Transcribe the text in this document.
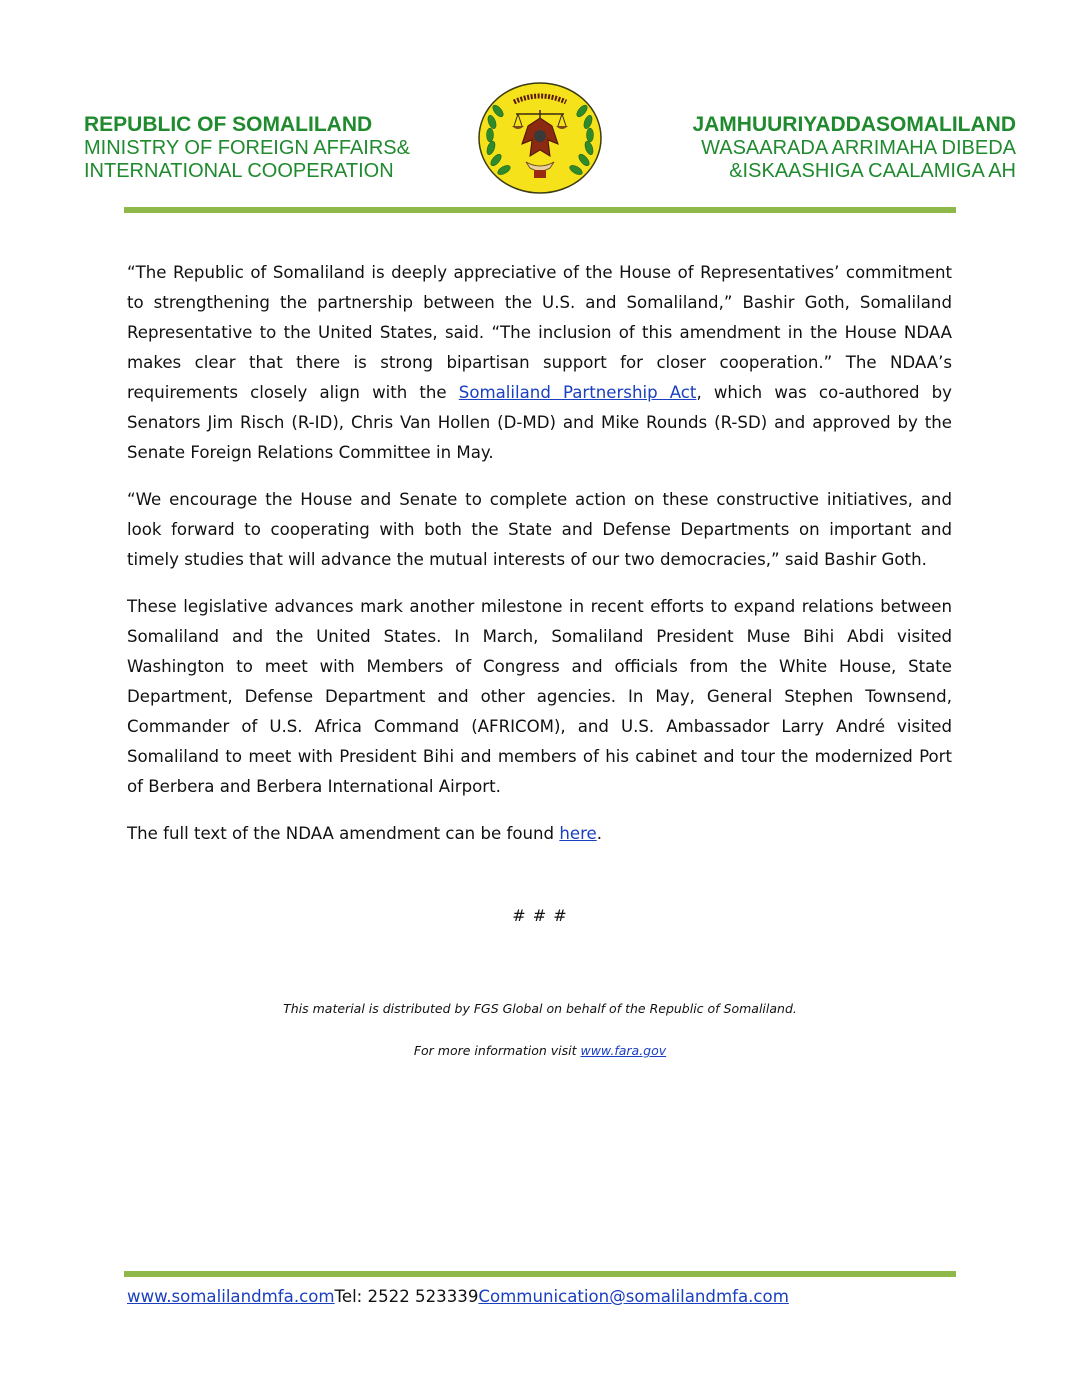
REPUBLIC OF SOMALILAND
MINISTRY OF FOREIGN AFFAIRS&
INTERNATIONAL COOPERATION
JAMHUURIYADDASOMALILAND
WASAARADA ARRIMAHA DIBEDA
&ISKAASHIGA CAALAMIGA AH

“The Republic of Somaliland is deeply appreciative of the House of Representatives’ commitment to strengthening the partnership between the U.S. and Somaliland,” Bashir Goth, Somaliland Representative to the United States, said. “The inclusion of this amendment in the House NDAA makes clear that there is strong bipartisan support for closer cooperation.” The NDAA’s requirements closely align with the Somaliland Partnership Act, which was co-authored by Senators Jim Risch (R-ID), Chris Van Hollen (D-MD) and Mike Rounds (R-SD) and approved by the Senate Foreign Relations Committee in May.

“We encourage the House and Senate to complete action on these constructive initiatives, and look forward to cooperating with both the State and Defense Departments on important and timely studies that will advance the mutual interests of our two democracies,” said Bashir Goth.

These legislative advances mark another milestone in recent efforts to expand relations between Somaliland and the United States. In March, Somaliland President Muse Bihi Abdi visited Washington to meet with Members of Congress and officials from the White House, State Department, Defense Department and other agencies. In May, General Stephen Townsend, Commander of U.S. Africa Command (AFRICOM), and U.S. Ambassador Larry André visited Somaliland to meet with President Bihi and members of his cabinet and tour the modernized Port of Berbera and Berbera International Airport.

The full text of the NDAA amendment can be found here.

# # #
This material is distributed by FGS Global on behalf of the Republic of Somaliland.
For more information visit www.fara.gov
www.somalilandmfa.comTel: 2522 523339Communication@somalilandmfa.com
